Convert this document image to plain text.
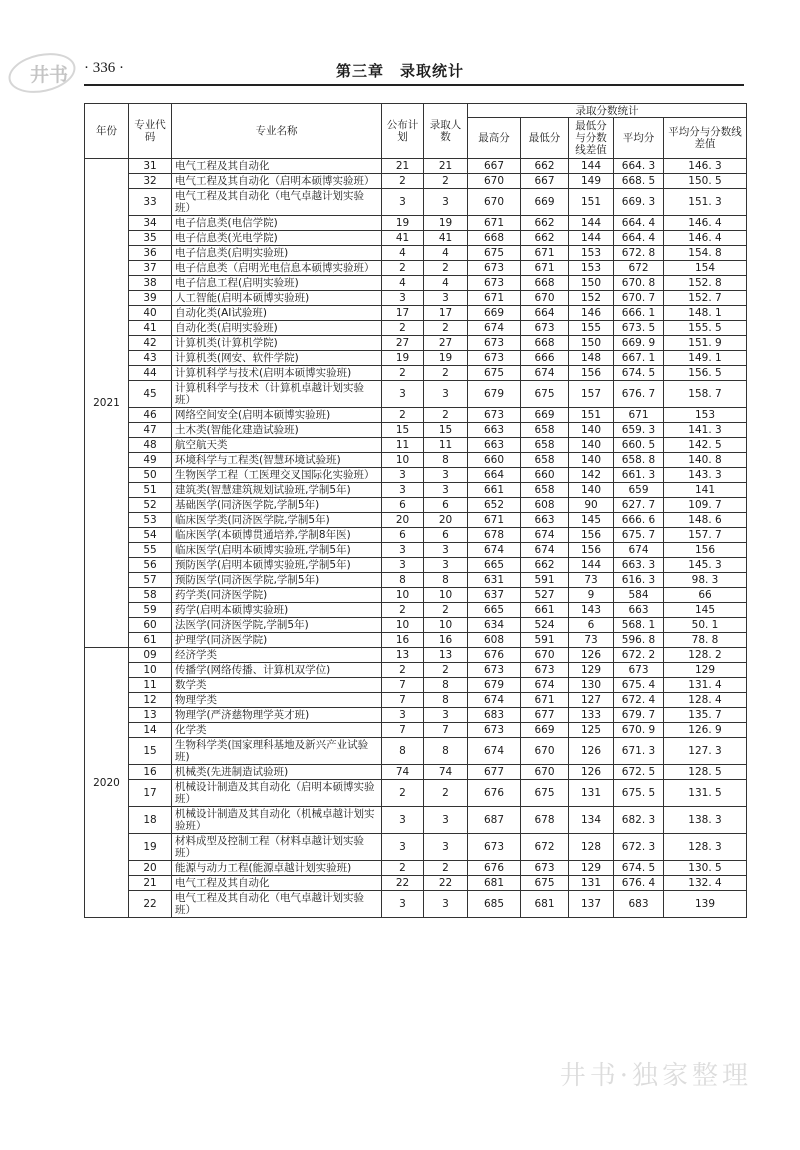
井书 · 336 ·	第三章　录取统计
年份	专业代码	专业名称	公布计划	录取人数	录取分数统计				
					最高分	最低分	最低分与分数线差值	平均分	平均分与分数线差值
2021	31	电气工程及其自动化	21	21	667	662	144	664. 3	146. 3
	32	电气工程及其自动化（启明本硕博实验班）	2	2	670	667	149	668. 5	150. 5
	33	电气工程及其自动化（电气卓越计划实验班）	3	3	670	669	151	669. 3	151. 3
	34	电子信息类(电信学院)	19	19	671	662	144	664. 4	146. 4
	35	电子信息类(光电学院)	41	41	668	662	144	664. 4	146. 4
	36	电子信息类(启明实验班)	4	4	675	671	153	672. 8	154. 8
	37	电子信息类（启明光电信息本硕博实验班）	2	2	673	671	153	672	154
	38	电子信息工程(启明实验班)	4	4	673	668	150	670. 8	152. 8
	39	人工智能(启明本硕博实验班)	3	3	671	670	152	670. 7	152. 7
	40	自动化类(AI试验班)	17	17	669	664	146	666. 1	148. 1
	41	自动化类(启明实验班)	2	2	674	673	155	673. 5	155. 5
	42	计算机类(计算机学院)	27	27	673	668	150	669. 9	151. 9
	43	计算机类(网安、软件学院)	19	19	673	666	148	667. 1	149. 1
	44	计算机科学与技术(启明本硕博实验班)	2	2	675	674	156	674. 5	156. 5
	45	计算机科学与技术（计算机卓越计划实验班）	3	3	679	675	157	676. 7	158. 7
	46	网络空间安全(启明本硕博实验班)	2	2	673	669	151	671	153
	47	土木类(智能化建造试验班)	15	15	663	658	140	659. 3	141. 3
	48	航空航天类	11	11	663	658	140	660. 5	142. 5
	49	环境科学与工程类(智慧环境试验班)	10	8	660	658	140	658. 8	140. 8
	50	生物医学工程（工医理交叉国际化实验班）	3	3	664	660	142	661. 3	143. 3
	51	建筑类(智慧建筑规划试验班,学制5年)	3	3	661	658	140	659	141
	52	基础医学(同济医学院,学制5年)	6	6	652	608	90	627. 7	109. 7
	53	临床医学类(同济医学院,学制5年)	20	20	671	663	145	666. 6	148. 6
	54	临床医学(本硕博贯通培养,学制8年医)	6	6	678	674	156	675. 7	157. 7
	55	临床医学(启明本硕博实验班,学制5年)	3	3	674	674	156	674	156
	56	预防医学(启明本硕博实验班,学制5年)	3	3	665	662	144	663. 3	145. 3
	57	预防医学(同济医学院,学制5年)	8	8	631	591	73	616. 3	98. 3
	58	药学类(同济医学院)	10	10	637	527	9	584	66
	59	药学(启明本硕博实验班)	2	2	665	661	143	663	145
	60	法医学(同济医学院,学制5年)	10	10	634	524	6	568. 1	50. 1
	61	护理学(同济医学院)	16	16	608	591	73	596. 8	78. 8
2020	09	经济学类	13	13	676	670	126	672. 2	128. 2
	10	传播学(网络传播、计算机双学位)	2	2	673	673	129	673	129
	11	数学类	7	8	679	674	130	675. 4	131. 4
	12	物理学类	7	8	674	671	127	672. 4	128. 4
	13	物理学(严济慈物理学英才班)	3	3	683	677	133	679. 7	135. 7
	14	化学类	7	7	673	669	125	670. 9	126. 9
	15	生物科学类(国家理科基地及新兴产业试验班)	8	8	674	670	126	671. 3	127. 3
	16	机械类(先进制造试验班)	74	74	677	670	126	672. 5	128. 5
	17	机械设计制造及其自动化（启明本硕博实验班）	2	2	676	675	131	675. 5	131. 5
	18	机械设计制造及其自动化（机械卓越计划实验班）	3	3	687	678	134	682. 3	138. 3
	19	材料成型及控制工程（材料卓越计划实验班）	3	3	673	672	128	672. 3	128. 3
	20	能源与动力工程(能源卓越计划实验班)	2	2	676	673	129	674. 5	130. 5
	21	电气工程及其自动化	22	22	681	675	131	676. 4	132. 4
	22	电气工程及其自动化（电气卓越计划实验班）	3	3	685	681	137	683	139
井书·独家整理
